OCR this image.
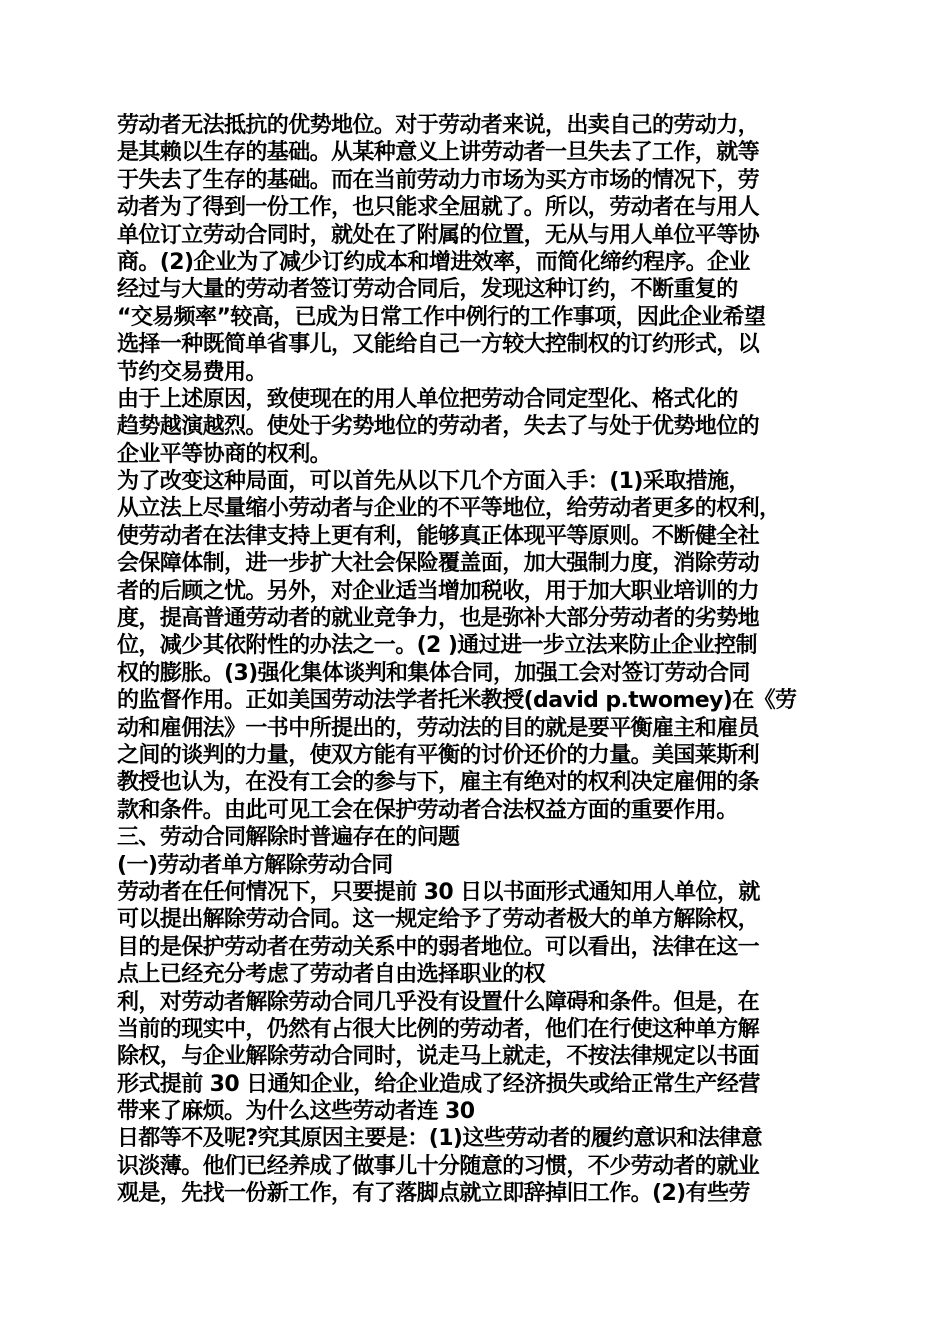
劳动者无法抵抗的优势地位。对于劳动者来说，出卖自己的劳动力，
是其赖以生存的基础。从某种意义上讲劳动者一旦失去了工作，就等
于失去了生存的基础。而在当前劳动力市场为买方市场的情况下，劳
动者为了得到一份工作，也只能求全屈就了。所以，劳动者在与用人
单位订立劳动合同时，就处在了附属的位置，无从与用人单位平等协
商。(2)企业为了减少订约成本和增进效率，而简化缔约程序。企业
经过与大量的劳动者签订劳动合同后，发现这种订约，不断重复的
“交易频率”较高，已成为日常工作中例行的工作事项，因此企业希望
选择一种既简单省事儿，又能给自己一方较大控制权的订约形式，以
节约交易费用。
由于上述原因，致使现在的用人单位把劳动合同定型化、格式化的
趋势越演越烈。使处于劣势地位的劳动者，失去了与处于优势地位的
企业平等协商的权利。
为了改变这种局面，可以首先从以下几个方面入手：(1)采取措施，
从立法上尽量缩小劳动者与企业的不平等地位，给劳动者更多的权利，
使劳动者在法律支持上更有利，能够真正体现平等原则。不断健全社
会保障体制，进一步扩大社会保险覆盖面，加大强制力度，消除劳动
者的后顾之忧。另外，对企业适当增加税收，用于加大职业培训的力
度，提高普通劳动者的就业竞争力，也是弥补大部分劳动者的劣势地
位，减少其依附性的办法之一。(2 )通过进一步立法来防止企业控制
权的膨胀。(3)强化集体谈判和集体合同，加强工会对签订劳动合同
的监督作用。正如美国劳动法学者托米教授(david p.twomey)在《劳
动和雇佣法》一书中所提出的，劳动法的目的就是要平衡雇主和雇员
之间的谈判的力量，使双方能有平衡的讨价还价的力量。美国莱斯利
教授也认为，在没有工会的参与下，雇主有绝对的权利决定雇佣的条
款和条件。由此可见工会在保护劳动者合法权益方面的重要作用。
三、劳动合同解除时普遍存在的问题
(一)劳动者单方解除劳动合同
劳动者在任何情况下，只要提前 30 日以书面形式通知用人单位，就
可以提出解除劳动合同。这一规定给予了劳动者极大的单方解除权，
目的是保护劳动者在劳动关系中的弱者地位。可以看出，法律在这一
点上已经充分考虑了劳动者自由选择职业的权
利，对劳动者解除劳动合同几乎没有设置什么障碍和条件。但是，在
当前的现实中，仍然有占很大比例的劳动者，他们在行使这种单方解
除权，与企业解除劳动合同时，说走马上就走，不按法律规定以书面
形式提前 30 日通知企业，给企业造成了经济损失或给正常生产经营
带来了麻烦。为什么这些劳动者连 30
日都等不及呢?究其原因主要是：(1)这些劳动者的履约意识和法律意
识淡薄。他们已经养成了做事儿十分随意的习惯，不少劳动者的就业
观是，先找一份新工作，有了落脚点就立即辞掉旧工作。(2)有些劳
